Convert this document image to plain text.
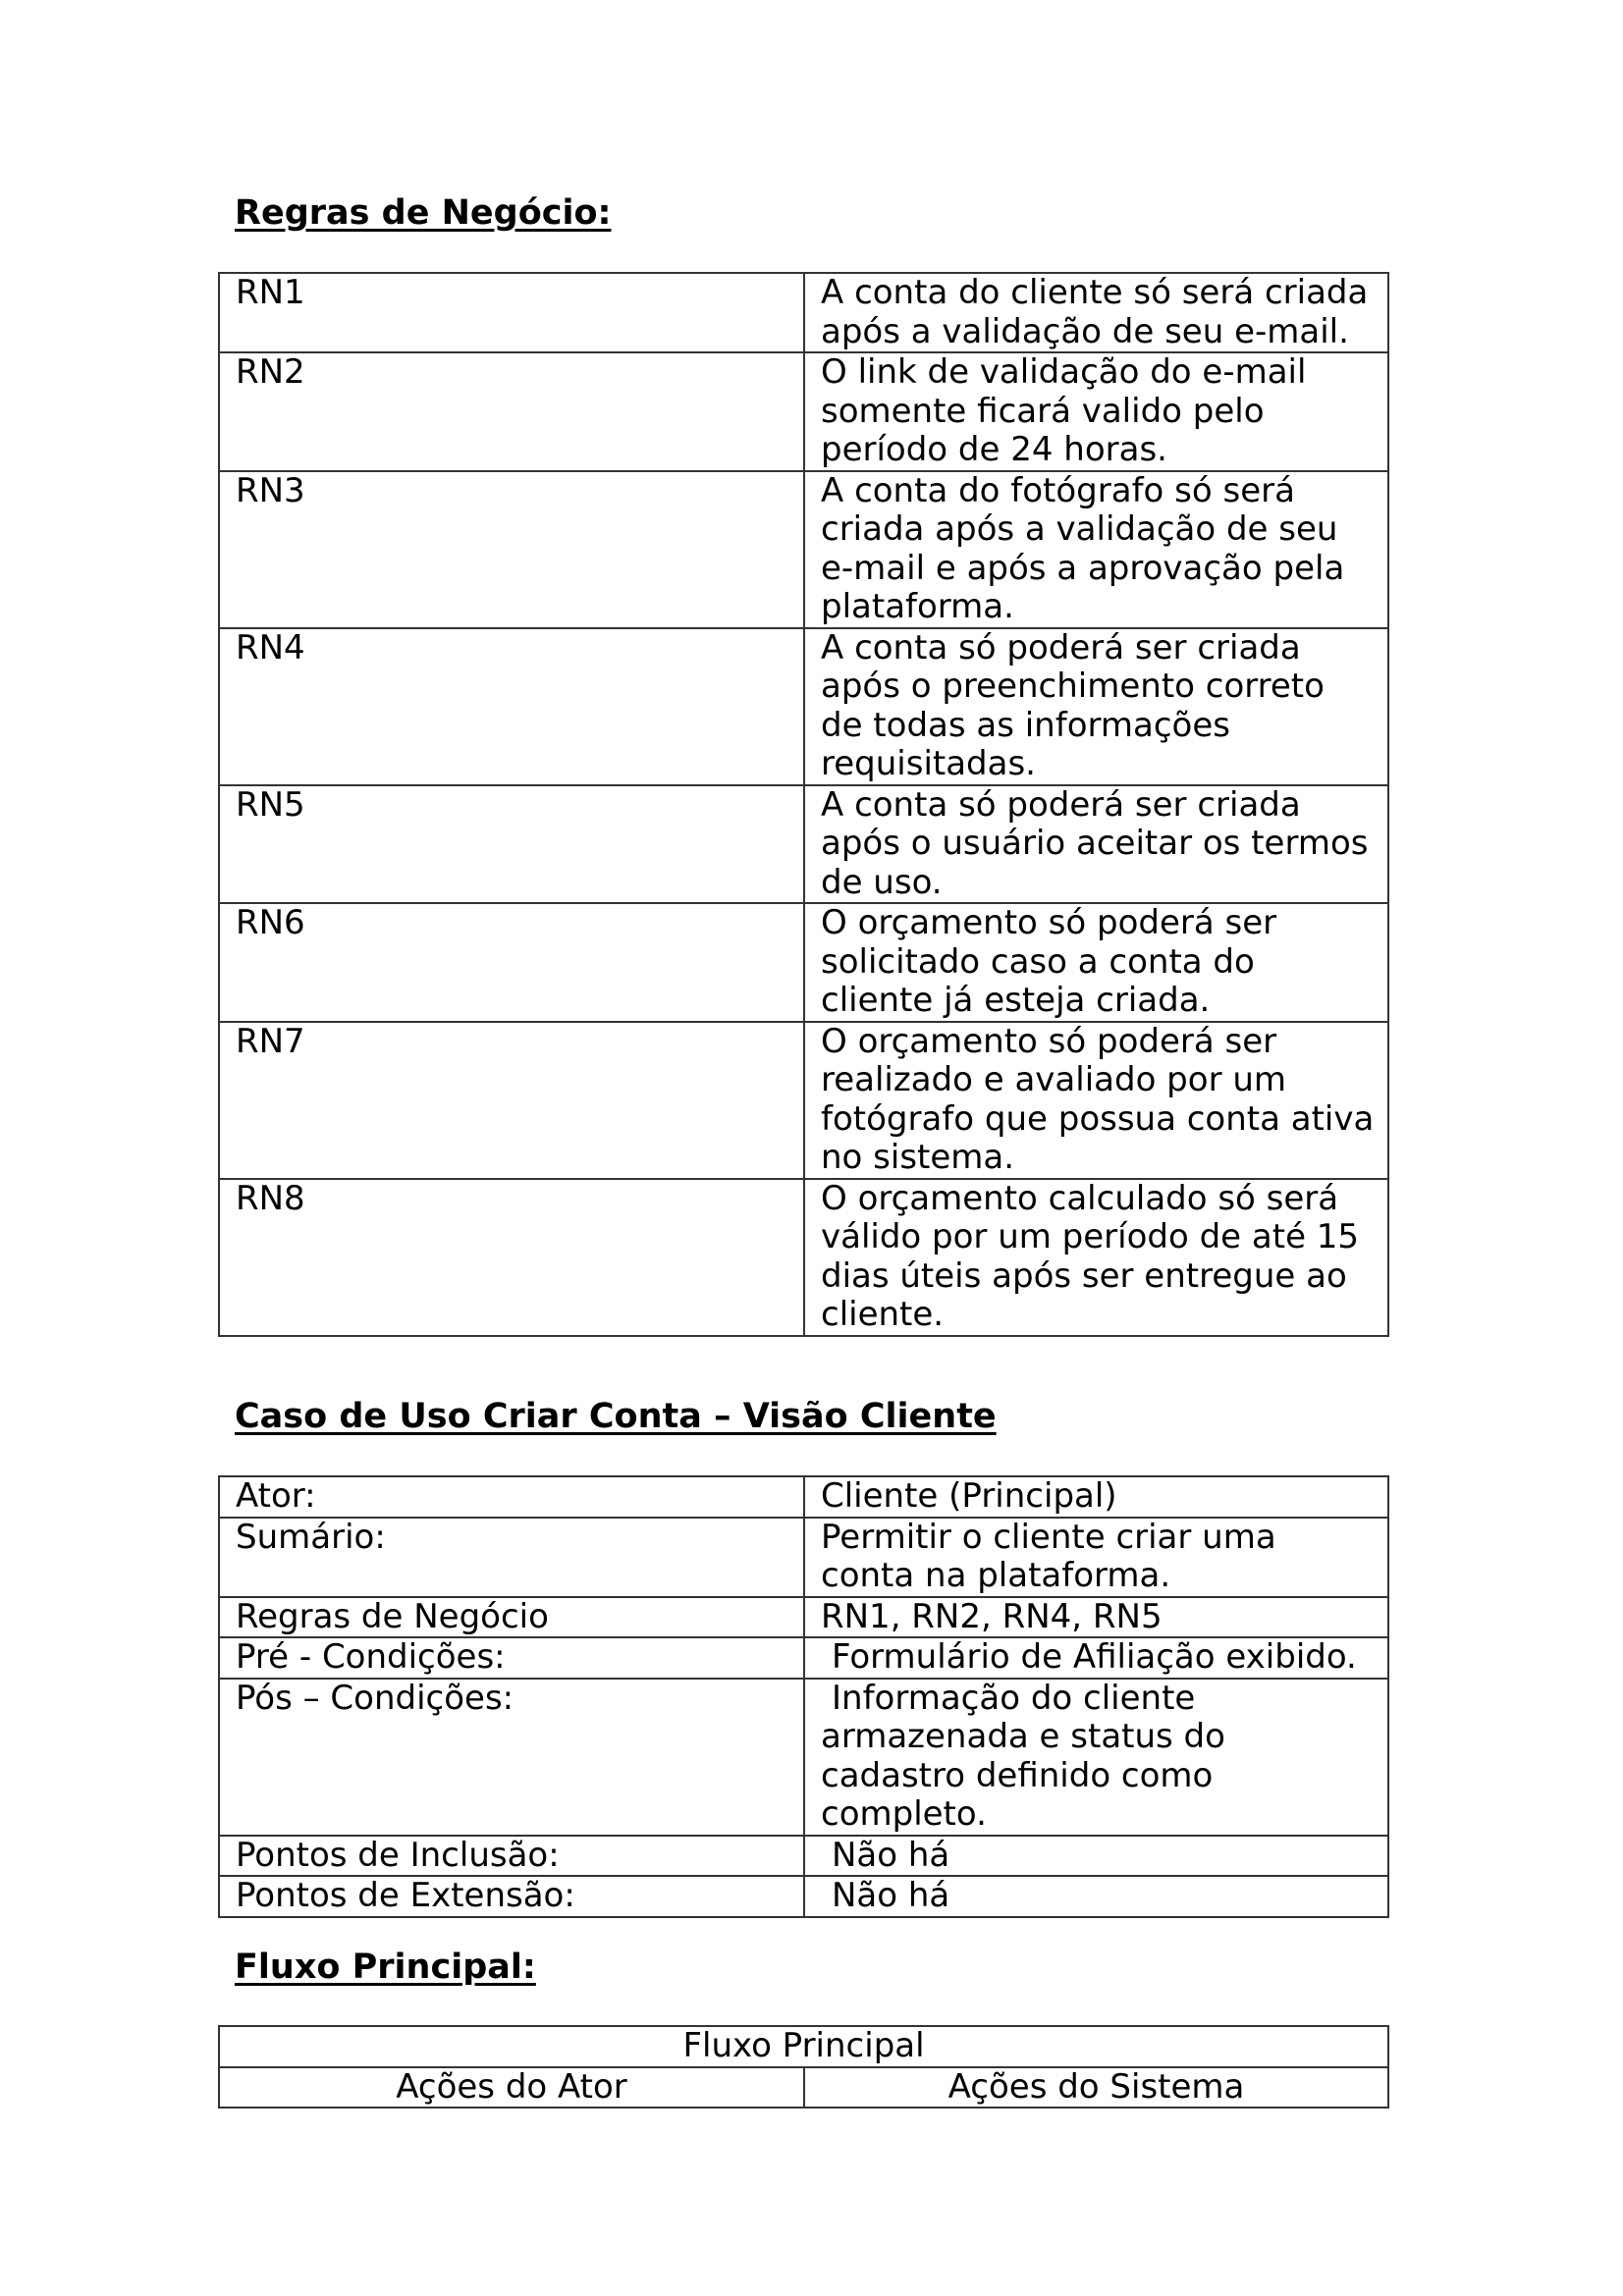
Regras de Negócio:
RN1	A conta do cliente só será criada após a validação de seu e-mail.
RN2	O link de validação do e-mail somente ficará valido pelo período de 24 horas.
RN3	A conta do fotógrafo só será criada após a validação de seu e-mail e após a aprovação pela plataforma.
RN4	A conta só poderá ser criada após o preenchimento correto de todas as informações requisitadas.
RN5	A conta só poderá ser criada após o usuário aceitar os termos de uso.
RN6	O orçamento só poderá ser solicitado caso a conta do cliente já esteja criada.
RN7	O orçamento só poderá ser realizado e avaliado por um fotógrafo que possua conta ativa no sistema.
RN8	O orçamento calculado só será válido por um período de até 15 dias úteis após ser entregue ao cliente.
Caso de Uso Criar Conta – Visão Cliente
Ator:	Cliente (Principal)
Sumário:	Permitir o cliente criar uma conta na plataforma.
Regras de Negócio	RN1, RN2, RN4, RN5
Pré - Condições:	Formulário de Afiliação exibido.
Pós – Condições:	Informação do cliente armazenada e status do cadastro definido como completo.
Pontos de Inclusão:	Não há
Pontos de Extensão:	Não há
Fluxo Principal:
Fluxo Principal
Ações do Ator	Ações do Sistema
